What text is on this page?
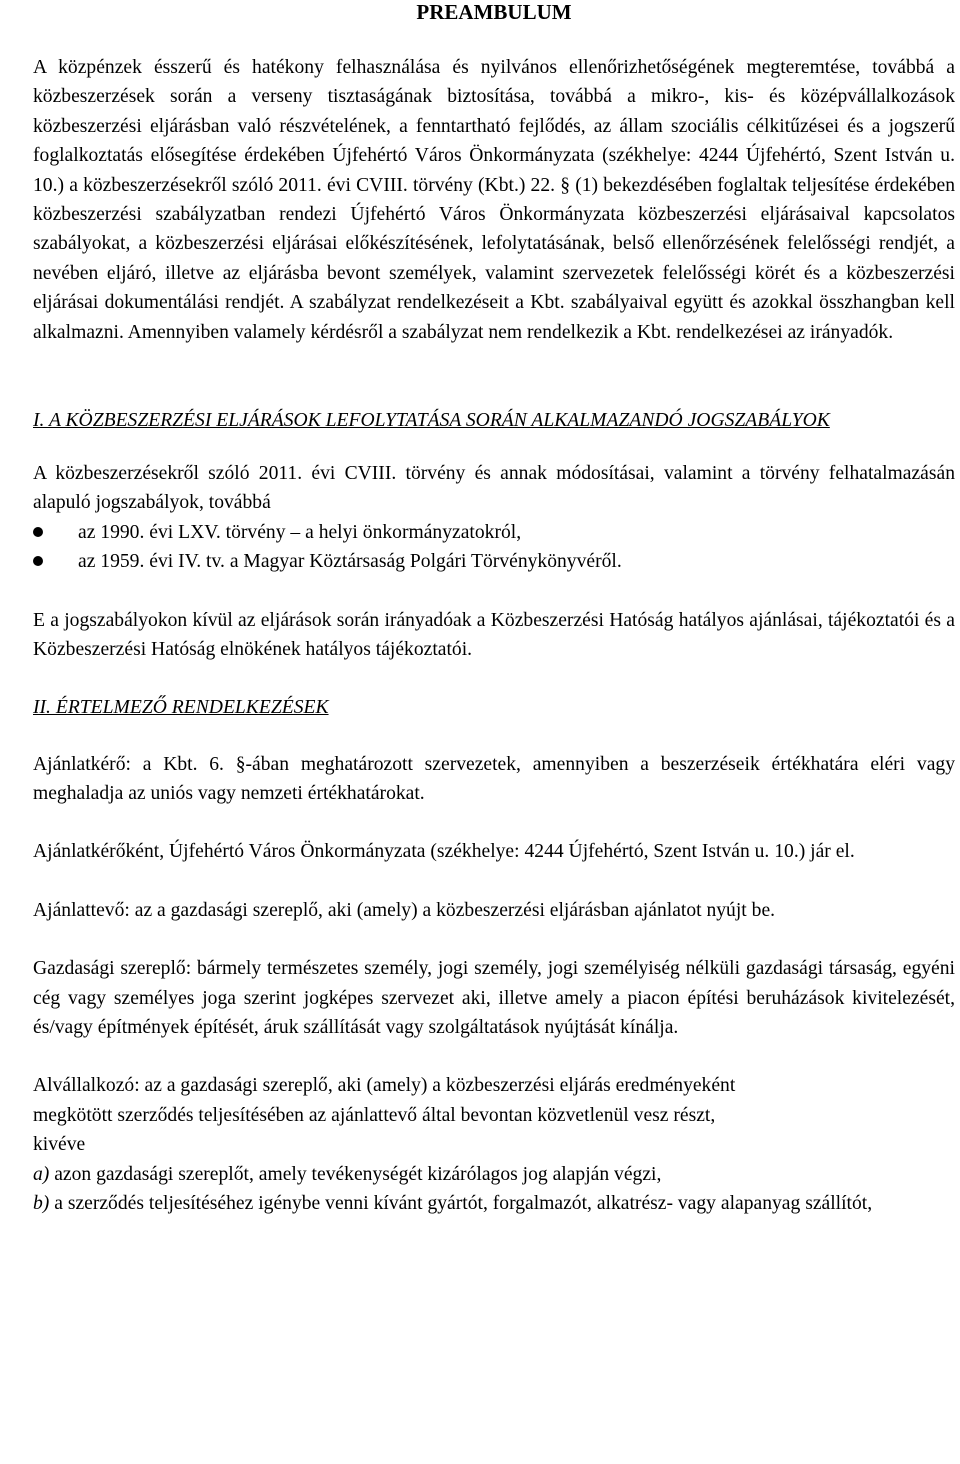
PREAMBULUM

A közpénzek ésszerű és hatékony felhasználása és nyilvános ellenőrizhetőségének megteremtése, továbbá a közbeszerzések során a verseny tisztaságának biztosítása, továbbá a mikro-, kis- és középvállalkozások közbeszerzési eljárásban való részvételének, a fenntartható fejlődés, az állam szociális célkitűzései és a jogszerű foglalkoztatás elősegítése érdekében Újfehértó Város Önkormányzata (székhelye: 4244 Újfehértó, Szent István u. 10.) a közbeszerzésekről szóló 2011. évi CVIII. törvény (Kbt.) 22. § (1) bekezdésében foglaltak teljesítése érdekében közbeszerzési szabályzatban rendezi Újfehértó Város Önkormányzata közbeszerzési eljárásaival kapcsolatos szabályokat, a közbeszerzési eljárásai előkészítésének, lefolytatásának, belső ellenőrzésének felelősségi rendjét, a nevében eljáró, illetve az eljárásba bevont személyek, valamint szervezetek felelősségi körét és a közbeszerzési eljárásai dokumentálási rendjét. A szabályzat rendelkezéseit a Kbt. szabályaival együtt és azokkal összhangban kell alkalmazni. Amennyiben valamely kérdésről a szabályzat nem rendelkezik a Kbt. rendelkezései az irányadók.

I. A KÖZBESZERZÉSI ELJÁRÁSOK LEFOLYTATÁSA SORÁN ALKALMAZANDÓ JOGSZABÁLYOK

A közbeszerzésekről szóló 2011. évi CVIII. törvény és annak módosításai, valamint a törvény felhatalmazásán alapuló jogszabályok, továbbá

az 1990. évi LXV. törvény – a helyi önkormányzatokról,
az 1959. évi IV. tv. a Magyar Köztársaság Polgári Törvénykönyvéről.

E a jogszabályokon kívül az eljárások során irányadóak a Közbeszerzési Hatóság hatályos ajánlásai, tájékoztatói és a Közbeszerzési Hatóság elnökének hatályos tájékoztatói.

II. ÉRTELMEZŐ RENDELKEZÉSEK

Ajánlatkérő: a Kbt. 6. §-ában meghatározott szervezetek, amennyiben a beszerzéseik értékhatára eléri vagy meghaladja az uniós vagy nemzeti értékhatárokat.

Ajánlatkérőként, Újfehértó Város Önkormányzata (székhelye: 4244 Újfehértó, Szent István u. 10.) jár el.

Ajánlattevő: az a gazdasági szereplő, aki (amely) a közbeszerzési eljárásban ajánlatot nyújt be.

Gazdasági szereplő: bármely természetes személy, jogi személy, jogi személyiség nélküli gazdasági társaság, egyéni cég vagy személyes joga szerint jogképes szervezet aki, illetve amely a piacon építési beruházások kivitelezését, és/vagy építmények építését, áruk szállítását vagy szolgáltatások nyújtását kínálja.

Alvállalkozó: az a gazdasági szereplő, aki (amely) a közbeszerzési eljárás eredményeként

megkötött szerződés teljesítésében az ajánlattevő által bevontan közvetlenül vesz részt,

kivéve

a) azon gazdasági szereplőt, amely tevékenységét kizárólagos jog alapján végzi,

b) a szerződés teljesítéséhez igénybe venni kívánt gyártót, forgalmazót, alkatrész- vagy alapanyag szállítót,
